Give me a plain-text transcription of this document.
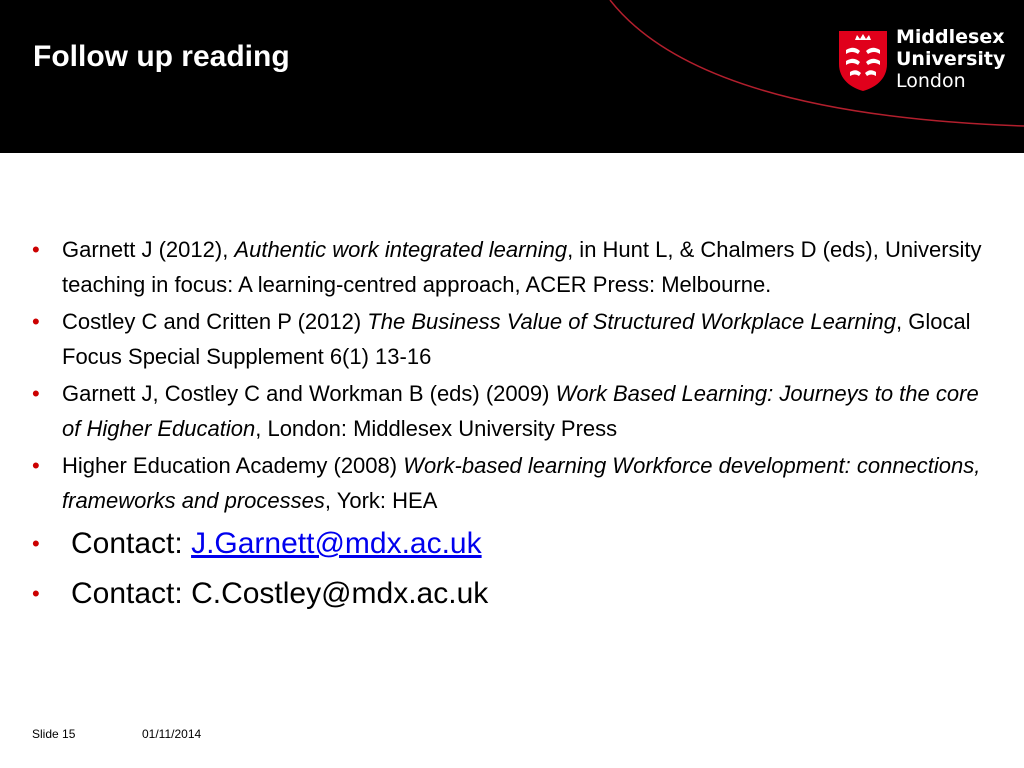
Follow up reading
Middlesex
University
London
• Garnett J (2012), Authentic work integrated learning, in Hunt L, & Chalmers D (eds), University teaching in focus: A learning-centred approach, ACER Press: Melbourne.
• Costley C and Critten P (2012) The Business Value of Structured Workplace Learning, Glocal Focus Special Supplement 6(1) 13-16
• Garnett J, Costley C and Workman B (eds) (2009) Work Based Learning: Journeys to the core of Higher Education, London: Middlesex University Press
• Higher Education Academy (2008) Work-based learning Workforce development: connections, frameworks and processes, York: HEA
• Contact: J.Garnett@mdx.ac.uk
• Contact: C.Costley@mdx.ac.uk
Slide 15	01/11/2014
